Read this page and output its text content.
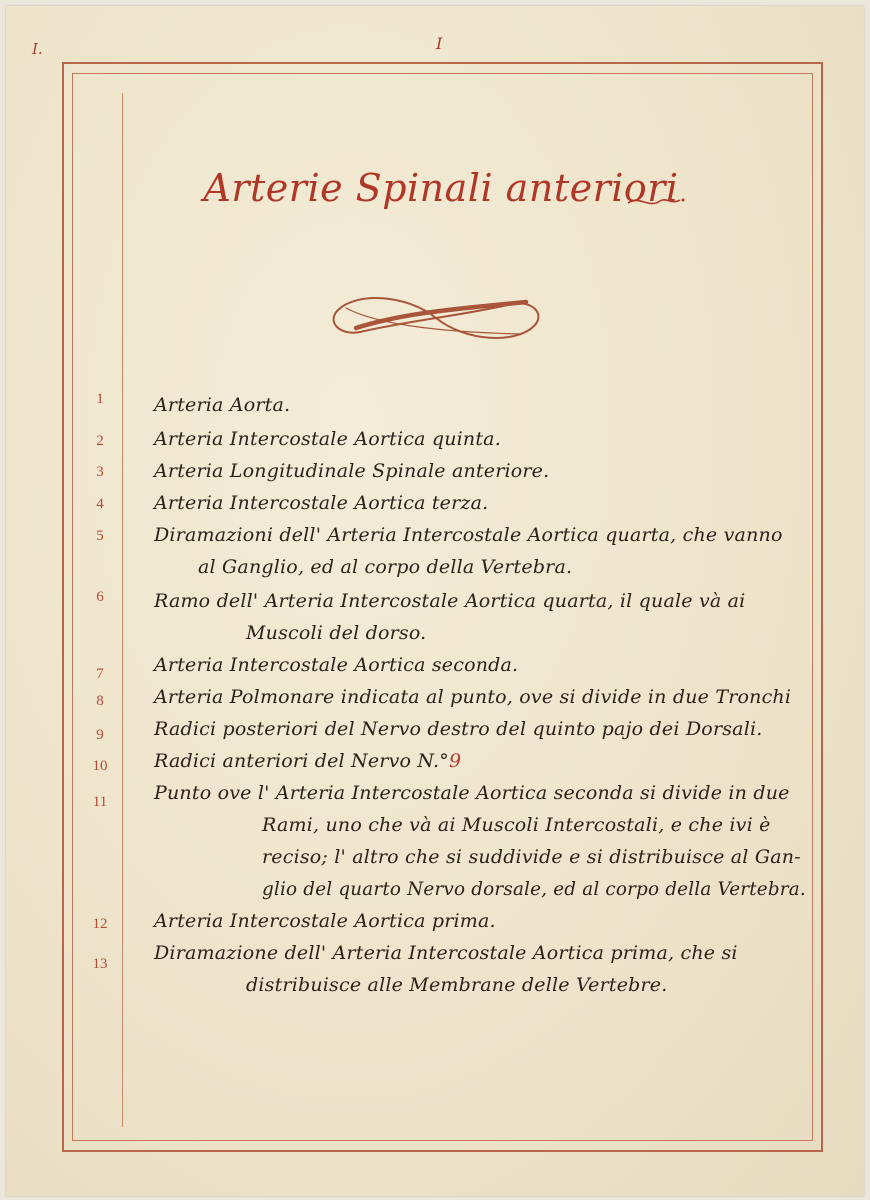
I.	I
Arterie Spinali anteriori
1	Arteria Aorta.
2	Arteria Intercostale Aortica quinta.
3	Arteria Longitudinale Spinale anteriore.
4	Arteria Intercostale Aortica terza.
5	Diramazioni dell' Arteria Intercostale Aortica quarta, che vanno
al Ganglio, ed al corpo della Vertebra.
6	Ramo dell' Arteria Intercostale Aortica quarta, il quale và ai
Muscoli del dorso.
7	Arteria Intercostale Aortica seconda.
8	Arteria Polmonare indicata al punto, ove si divide in due Tronchi
9	Radici posteriori del Nervo destro del quinto pajo dei Dorsali.
10	Radici anteriori del Nervo N.°9
11	Punto ove l' Arteria Intercostale Aortica seconda si divide in due
Rami, uno che và ai Muscoli Intercostali, e che ivi è
reciso; l' altro che si suddivide e si distribuisce al Gan-
glio del quarto Nervo dorsale, ed al corpo della Vertebra.
12	Arteria Intercostale Aortica prima.
13	Diramazione dell' Arteria Intercostale Aortica prima, che si
distribuisce alle Membrane delle Vertebre.
